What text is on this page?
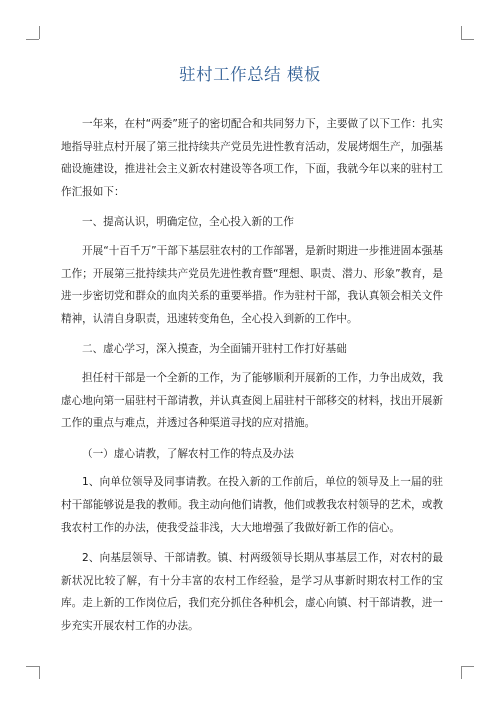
驻村工作总结 模板

一年来，在村“两委”班子的密切配合和共同努力下，主要做了以下工作：扎实地指导驻点村开展了第三批持续共产党员先进性教育活动，发展烤烟生产，加强基础设施建设，推进社会主义新农村建设等各项工作，下面，我就今年以来的驻村工作汇报如下：

一、提高认识，明确定位，全心投入新的工作

开展“十百千万”干部下基层驻农村的工作部署，是新时期进一步推进固本强基工作；开展第三批持续共产党员先进性教育暨“理想、职责、潜力、形象”教育，是进一步密切党和群众的血肉关系的重要举措。作为驻村干部，我认真领会相关文件精神，认清自身职责，迅速转变角色，全心投入到新的工作中。

二、虚心学习，深入摸查，为全面铺开驻村工作打好基础

担任村干部是一个全新的工作，为了能够顺利开展新的工作，力争出成效，我虚心地向第一届驻村干部请教，并认真查阅上届驻村干部移交的材料，找出开展新工作的重点与难点，并透过各种渠道寻找的应对措施。

（一）虚心请教，了解农村工作的特点及办法

1、向单位领导及同事请教。在投入新的工作前后，单位的领导及上一届的驻村干部能够说是我的教师。我主动向他们请教，他们或教我农村领导的艺术，或教我农村工作的办法，使我受益非浅，大大地增强了我做好新工作的信心。

2、向基层领导、干部请教。镇、村两级领导长期从事基层工作，对农村的最新状况比较了解，有十分丰富的农村工作经验，是学习从事新时期农村工作的宝库。走上新的工作岗位后，我们充分抓住各种机会，虚心向镇、村干部请教，进一步充实开展农村工作的办法。
